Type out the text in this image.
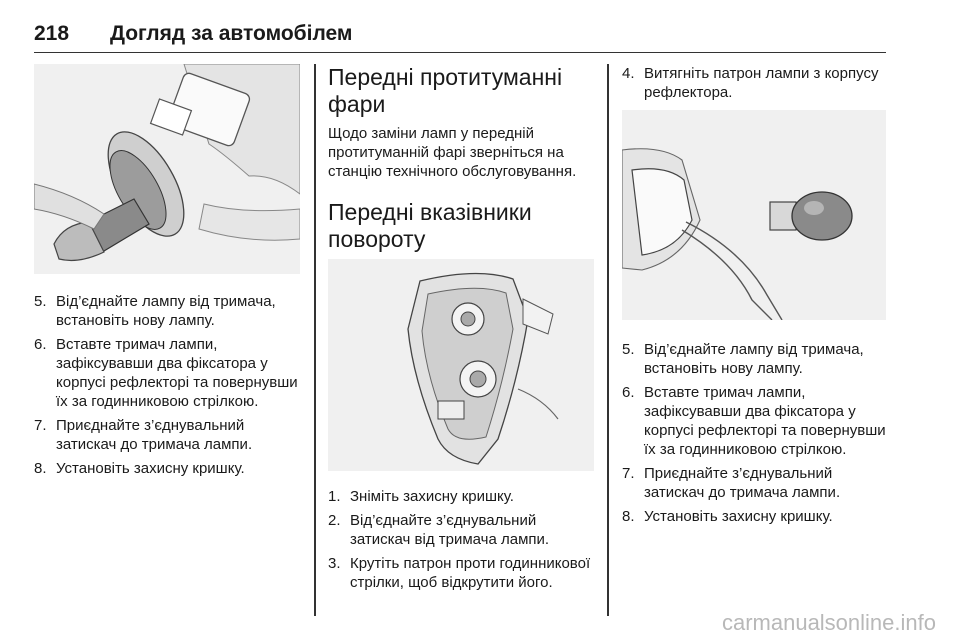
218 Догляд за автомобілем
5. Від’єднайте лампу від тримача, встановіть нову лампу.
6. Вставте тримач лампи, зафіксувавши два фіксатора у корпусі рефлекторі та повернувши їх за годинниковою стрілкою.
7. Приєднайте з’єднувальний затискач до тримача лампи.
8. Установіть захисну кришку.
Передні протитуманні фари

Щодо заміни ламп у передній протитуманній фарі зверніться на станцію технічного обслуговування.

Передні вказівники повороту
1. Зніміть захисну кришку.
2. Від’єднайте з’єднувальний затискач від тримача лампи.
3. Крутіть патрон проти годинникової стрілки, щоб відкрутити його.
4. Витягніть патрон лампи з корпусу рефлектора.
5. Від’єднайте лампу від тримача, встановіть нову лампу.
6. Вставте тримач лампи, зафіксувавши два фіксатора у корпусі рефлекторі та повернувши їх за годинниковою стрілкою.
7. Приєднайте з’єднувальний затискач до тримача лампи.
8. Установіть захисну кришку.
carmanualsonline.info
